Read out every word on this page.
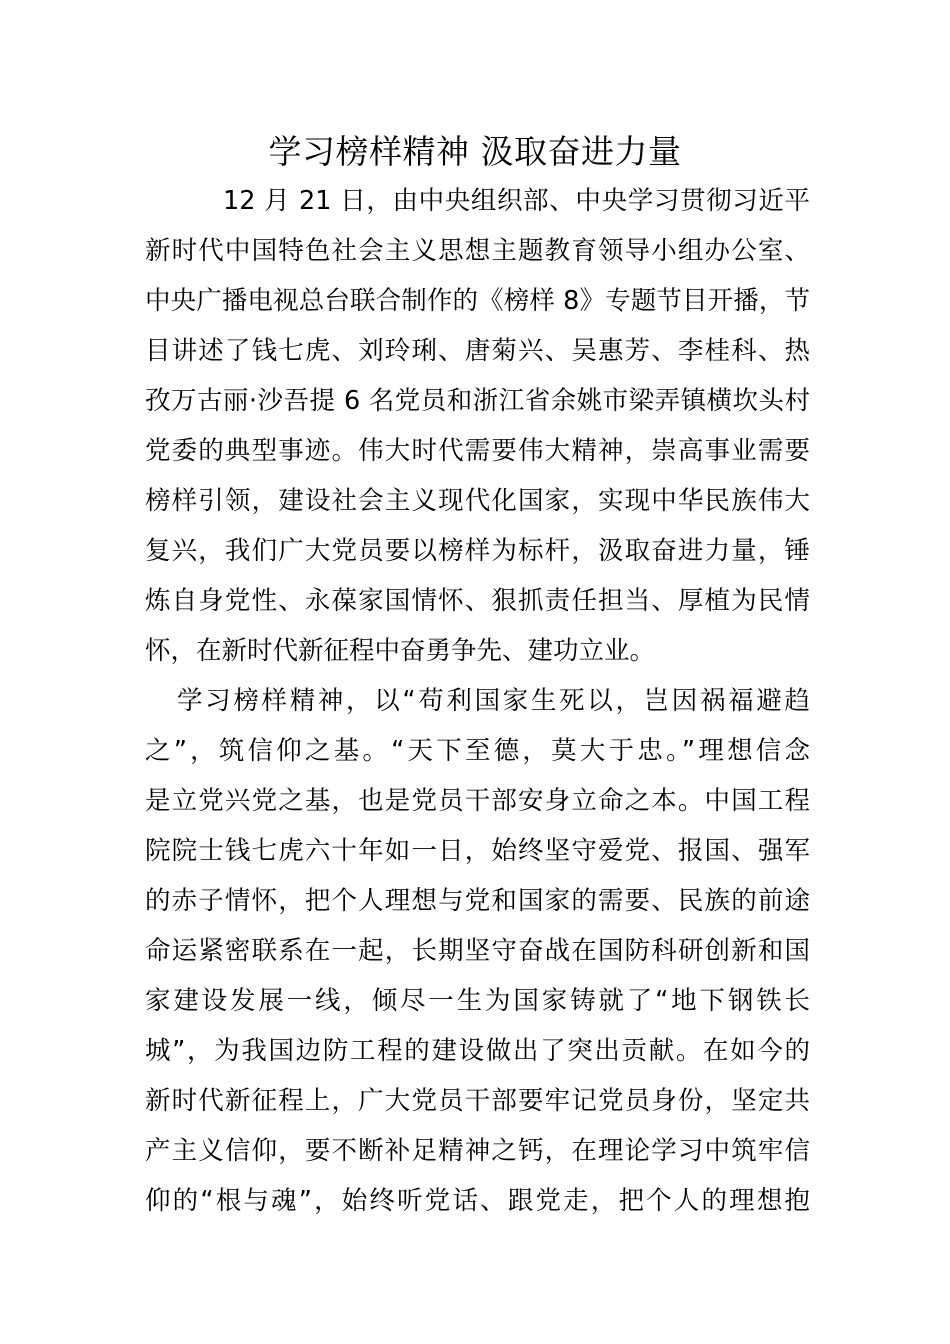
学习榜样精神 汲取奋进力量
12 月 21 日，由中央组织部、中央学习贯彻习近平
新时代中国特色社会主义思想主题教育领导小组办公室、
中央广播电视总台联合制作的《榜样 8》专题节目开播，节
目讲述了钱七虎、刘玲琍、唐菊兴、吴惠芳、李桂科、热
孜万古丽·沙吾提 6 名党员和浙江省余姚市梁弄镇横坎头村
党委的典型事迹。伟大时代需要伟大精神，崇高事业需要
榜样引领，建设社会主义现代化国家，实现中华民族伟大
复兴，我们广大党员要以榜样为标杆，汲取奋进力量，锤
炼自身党性、永葆家国情怀、狠抓责任担当、厚植为民情
怀，在新时代新征程中奋勇争先、建功立业。
学习榜样精神，以“苟利国家生死以，岂因祸福避趋
之”，筑信仰之基。“天下至德，莫大于忠。”理想信念
是立党兴党之基，也是党员干部安身立命之本。中国工程
院院士钱七虎六十年如一日，始终坚守爱党、报国、强军
的赤子情怀，把个人理想与党和国家的需要、民族的前途
命运紧密联系在一起，长期坚守奋战在国防科研创新和国
家建设发展一线，倾尽一生为国家铸就了“地下钢铁长
城”，为我国边防工程的建设做出了突出贡献。在如今的
新时代新征程上，广大党员干部要牢记党员身份，坚定共
产主义信仰，要不断补足精神之钙，在理论学习中筑牢信
仰的“根与魂”，始终听党话、跟党走，把个人的理想抱
